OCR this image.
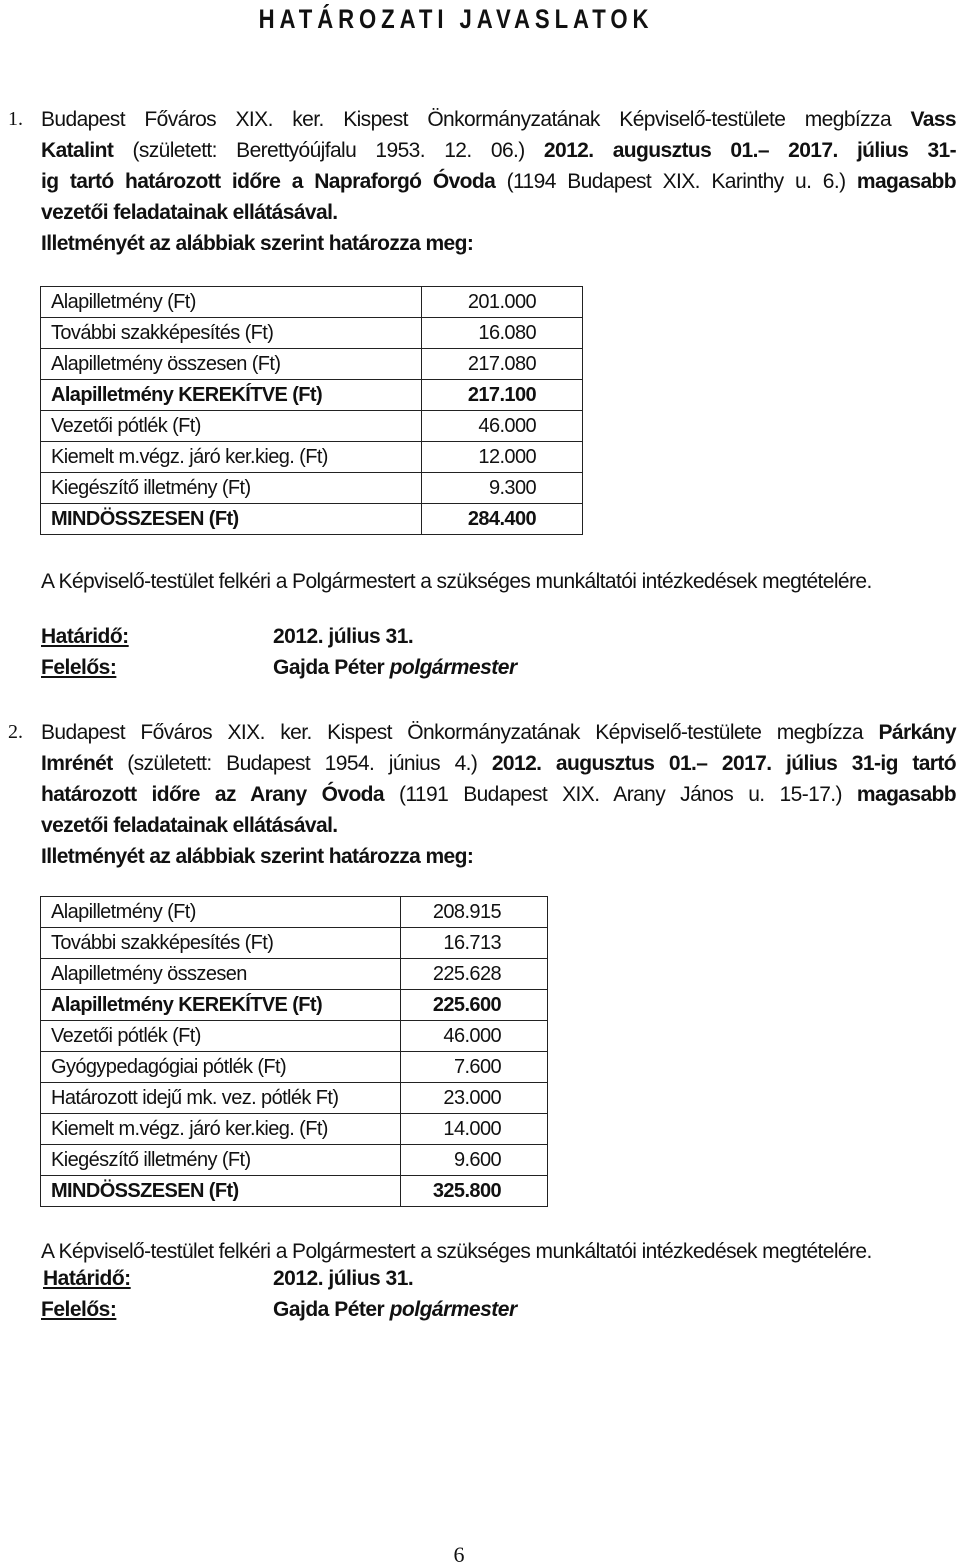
HATÁROZATI JAVASLATOK
1. Budapest Főváros XIX. ker. Kispest Önkormányzatának Képviselő-testülete megbízza Vass
Katalint (született: Berettyóújfalu 1953. 12. 06.) 2012. augusztus 01.– 2017. július 31-
ig tartó határozott időre a Napraforgó Óvoda (1194 Budapest XIX. Karinthy u. 6.) magasabb
vezetői feladatainak ellátásával.
Illetményét az alábbiak szerint határozza meg:
Alapilletmény (Ft)	201.000
További szakképesítés (Ft)	16.080
Alapilletmény összesen (Ft)	217.080
Alapilletmény KEREKÍTVE (Ft)	217.100
Vezetői pótlék (Ft)	46.000
Kiemelt m.végz. járó ker.kieg. (Ft)	12.000
Kiegészítő illetmény (Ft)	9.300
MINDÖSSZESEN (Ft)	284.400
A Képviselő-testület felkéri a Polgármestert a szükséges munkáltatói intézkedések megtételére.
Határidő:	2012. július 31.
Felelős:	Gajda Péter polgármester
2. Budapest Főváros XIX. ker. Kispest Önkormányzatának Képviselő-testülete megbízza Párkány
Imrénét (született: Budapest 1954. június 4.) 2012. augusztus 01.– 2017. július 31-ig tartó
határozott időre az Arany Óvoda (1191 Budapest XIX. Arany János u. 15-17.) magasabb
vezetői feladatainak ellátásával.
Illetményét az alábbiak szerint határozza meg:
Alapilletmény (Ft)	208.915
További szakképesítés (Ft)	16.713
Alapilletmény összesen	225.628
Alapilletmény KEREKÍTVE (Ft)	225.600
Vezetői pótlék (Ft)	46.000
Gyógypedagógiai pótlék (Ft)	7.600
Határozott idejű mk. vez. pótlék Ft)	23.000
Kiemelt m.végz. járó ker.kieg. (Ft)	14.000
Kiegészítő illetmény (Ft)	9.600
MINDÖSSZESEN (Ft)	325.800
A Képviselő-testület felkéri a Polgármestert a szükséges munkáltatói intézkedések megtételére.
Határidő:	2012. július 31.
Felelős:	Gajda Péter polgármester
6
